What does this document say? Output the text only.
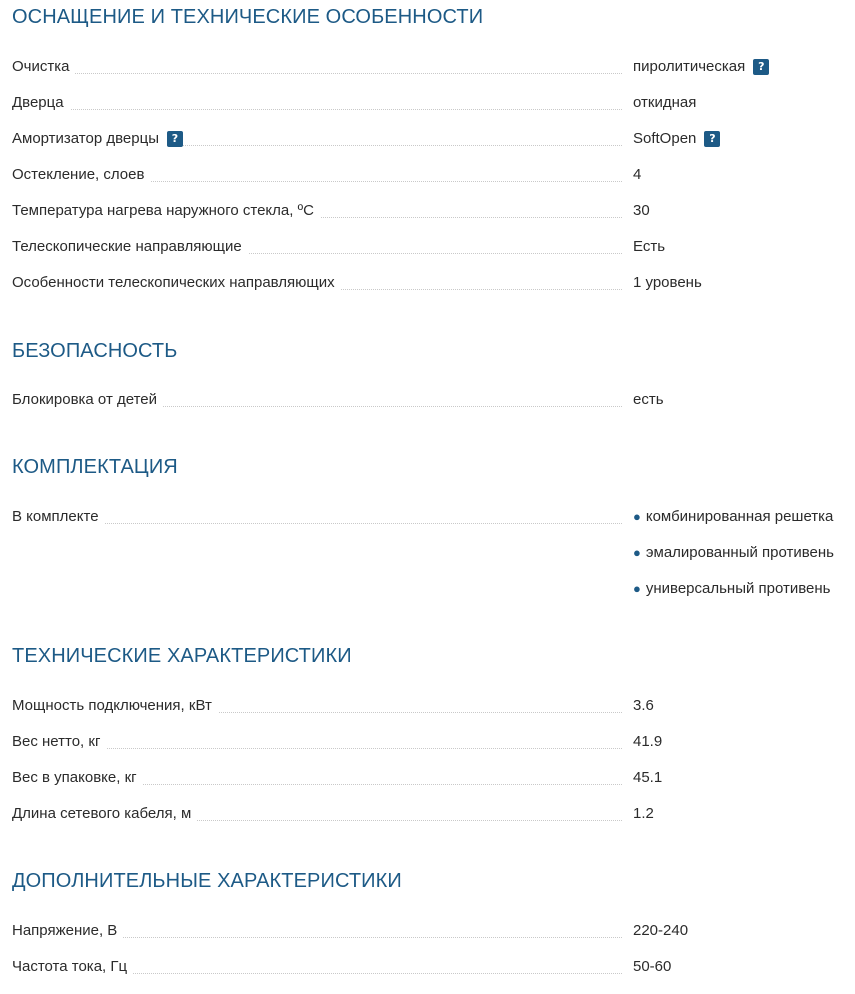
ОСНАЩЕНИЕ И ТЕХНИЧЕСКИЕ ОСОБЕННОСТИ
Очистка	пиролитическая	?
Дверца	откидная
Амортизатор дверцы	?	SoftOpen	?
Остекление, слоев	4
Температура нагрева наружного стекла, ºC	30
Телескопические направляющие	Есть
Особенности телескопических направляющих	1 уровень
БЕЗОПАСНОСТЬ
Блокировка от детей	есть
КОМПЛЕКТАЦИЯ
В комплекте	● комбинированная решетка
● эмалированный противень
● универсальный противень
ТЕХНИЧЕСКИЕ ХАРАКТЕРИСТИКИ
Мощность подключения, кВт	3.6
Вес нетто, кг	41.9
Вес в упаковке, кг	45.1
Длина сетевого кабеля, м	1.2
ДОПОЛНИТЕЛЬНЫЕ ХАРАКТЕРИСТИКИ
Напряжение, В	220-240
Частота тока, Гц	50-60
